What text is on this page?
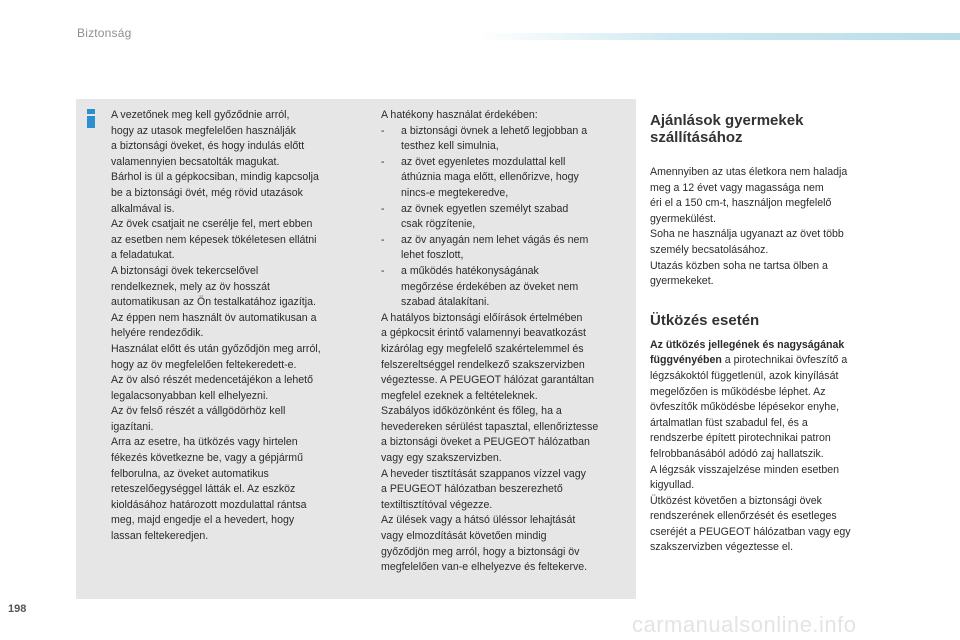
Biztonság

A vezetőnek meg kell győződnie arról,

hogy az utasok megfelelően használják

a biztonsági öveket, és hogy indulás előtt

valamennyien becsatolták magukat.

Bárhol is ül a gépkocsiban, mindig kapcsolja

be a biztonsági övét, még rövid utazások

alkalmával is.

Az övek csatjait ne cserélje fel, mert ebben

az esetben nem képesek tökéletesen ellátni

a feladatukat.

A biztonsági övek tekercselővel

rendelkeznek, mely az öv hosszát

automatikusan az Ön testalkatához igazítja.

Az éppen nem használt öv automatikusan a

helyére rendeződik.

Használat előtt és után győződjön meg arról,

hogy az öv megfelelően feltekeredett-e.

Az öv alsó részét medencetájékon a lehető

legalacsonyabban kell elhelyezni.

Az öv felső részét a vállgödörhöz kell

igazítani.

Arra az esetre, ha ütközés vagy hirtelen

fékezés következne be, vagy a gépjármű

felborulna, az öveket automatikus

reteszelőegységgel látták el. Az eszköz

kioldásához határozott mozdulattal rántsa

meg, majd engedje el a hevedert, hogy

lassan feltekeredjen.

A hatékony használat érdekében:

-	a biztonsági övnek a lehető legjobban a

testhez kell simulnia,

-	az övet egyenletes mozdulattal kell

áthúznia maga előtt, ellenőrizve, hogy

nincs-e megtekeredve,

-	az övnek egyetlen személyt szabad

csak rögzítenie,

-	az öv anyagán nem lehet vágás és nem

lehet foszlott,

-	a működés hatékonyságának

megőrzése érdekében az öveket nem

szabad átalakítani.

A hatályos biztonsági előírások értelmében

a gépkocsit érintő valamennyi beavatkozást

kizárólag egy megfelelő szakértelemmel és

felszereltséggel rendelkező szakszervizben

végeztesse. A PEUGEOT hálózat garantáltan

megfelel ezeknek a feltételeknek.

Szabályos időközönként és főleg, ha a

hevedereken sérülést tapasztal, ellenőriztesse

a biztonsági öveket a PEUGEOT hálózatban

vagy egy szakszervizben.

A heveder tisztítását szappanos vízzel vagy

a PEUGEOT hálózatban beszerezhető

textiltisztítóval végezze.

Az ülések vagy a hátsó üléssor lehajtását

vagy elmozdítását követően mindig

győződjön meg arról, hogy a biztonsági öv

megfelelően van-e elhelyezve és feltekerve.

Ajánlások gyermekek
szállításához

Amennyiben az utas életkora nem haladja

meg a 12 évet vagy magassága nem

éri el a 150 cm-t, használjon megfelelő

gyermekülést.

Soha ne használja ugyanazt az övet több

személy becsatolásához.

Utazás közben soha ne tartsa ölben a

gyermekeket.

Ütközés esetén

Az ütközés jellegének és nagyságának

függvényében a pirotechnikai övfeszítő a

légzsákoktól függetlenül, azok kinyílását

megelőzően is működésbe léphet. Az

övfeszítők működésbe lépésekor enyhe,

ártalmatlan füst szabadul fel, és a

rendszerbe épített pirotechnikai patron

felrobbanásából adódó zaj hallatszik.

A légzsák visszajelzése minden esetben

kigyullad.

Ütközést követően a biztonsági övek

rendszerének ellenőrzését és esetleges

cseréjét a PEUGEOT hálózatban vagy egy

szakszervizben végeztesse el.

198
carmanualsonline.info
